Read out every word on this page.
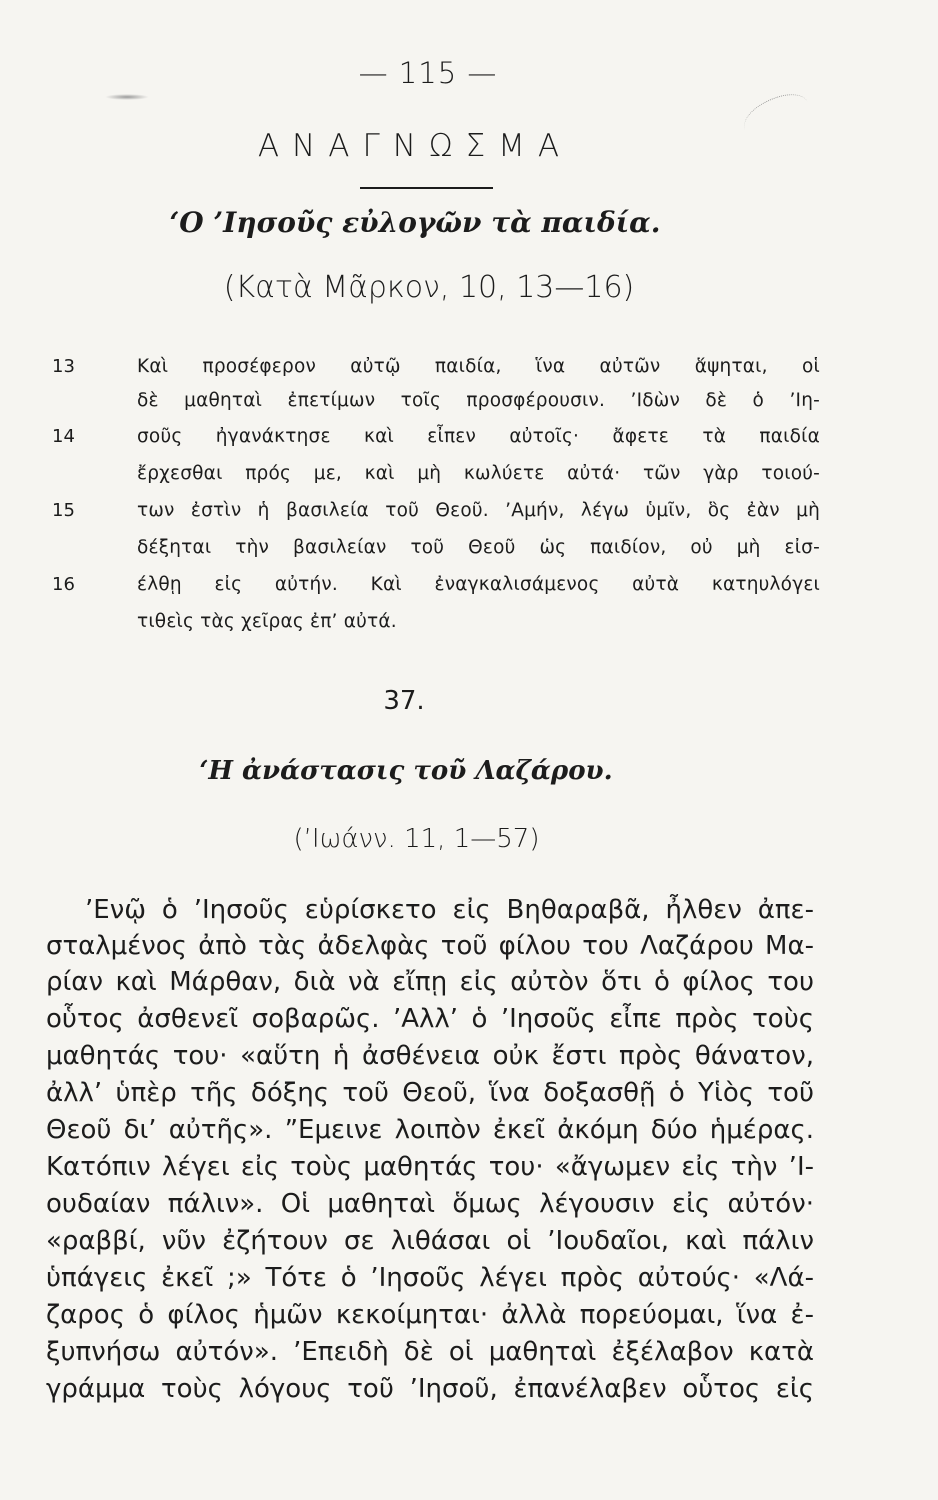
— 115 —
ΑΝΑΓΝΩΣΜΑ
‘Ο ’Ιησοῦς εὐλογῶν τὰ παιδία.
(Κατὰ Μᾶρκον, 10, 13—16)
13	Καὶ προσέφερον αὐτῷ παιδία, ἵνα αὐτῶν ἅψηται, οἱ
δὲ μαθηταὶ ἐπετίμων τοῖς προσφέρουσιν. ’Ιδὼν δὲ ὁ ’Ιη-
14	σοῦς ἠγανάκτησε καὶ εἶπεν αὐτοῖς· ἄφετε τὰ παιδία
ἔρχεσθαι πρός με, καὶ μὴ κωλύετε αὐτά· τῶν γὰρ τοιού-
15	των ἐστὶν ἡ βασιλεία τοῦ Θεοῦ. ’Αμήν, λέγω ὑμῖν, ὃς ἐὰν μὴ
δέξηται τὴν βασιλείαν τοῦ Θεοῦ ὡς παιδίον, οὐ μὴ εἰσ-
16	έλθῃ εἰς αὐτήν. Καὶ ἐναγκαλισάμενος αὐτὰ κατηυλόγει
τιθεὶς τὰς χεῖρας ἐπ’ αὐτά.
37.
‘Η ἀνάστασις τοῦ Λαζάρου.
(’Ιωάνν. 11, 1—57)
’Ενῷ ὁ ’Ιησοῦς εὑρίσκετο εἰς Βηθαραβᾶ, ἦλθεν ἀπε-
σταλμένος ἀπὸ τὰς ἀδελφὰς τοῦ φίλου του Λαζάρου Μα-
ρίαν καὶ Μάρθαν, διὰ νὰ εἴπῃ εἰς αὐτὸν ὅτι ὁ φίλος του
οὗτος ἀσθενεῖ σοβαρῶς. ’Αλλ’ ὁ ’Ιησοῦς εἶπε πρὸς τοὺς
μαθητάς του· «αὕτη ἡ ἀσθένεια οὐκ ἔστι πρὸς θάνατον,
ἀλλ’ ὑπὲρ τῆς δόξης τοῦ Θεοῦ, ἵνα δοξασθῇ ὁ Υἱὸς τοῦ
Θεοῦ δι’ αὐτῆς». ”Εμεινε λοιπὸν ἐκεῖ ἀκόμη δύο ἡμέρας.
Κατόπιν λέγει εἰς τοὺς μαθητάς του· «ἄγωμεν εἰς τὴν ’Ι-
ουδαίαν πάλιν». Οἱ μαθηταὶ ὅμως λέγουσιν εἰς αὐτόν·
«ραββί, νῦν ἐζήτουν σε λιθάσαι οἱ ’Ιουδαῖοι, καὶ πάλιν
ὑπάγεις ἐκεῖ ;» Τότε ὁ ’Ιησοῦς λέγει πρὸς αὐτούς· «Λά-
ζαρος ὁ φίλος ἡμῶν κεκοίμηται· ἀλλὰ πορεύομαι, ἵνα ἐ-
ξυπνήσω αὐτόν». ’Επειδὴ δὲ οἱ μαθηταὶ ἐξέλαβον κατὰ
γράμμα τοὺς λόγους τοῦ ’Ιησοῦ, ἐπανέλαβεν οὗτος εἰς
